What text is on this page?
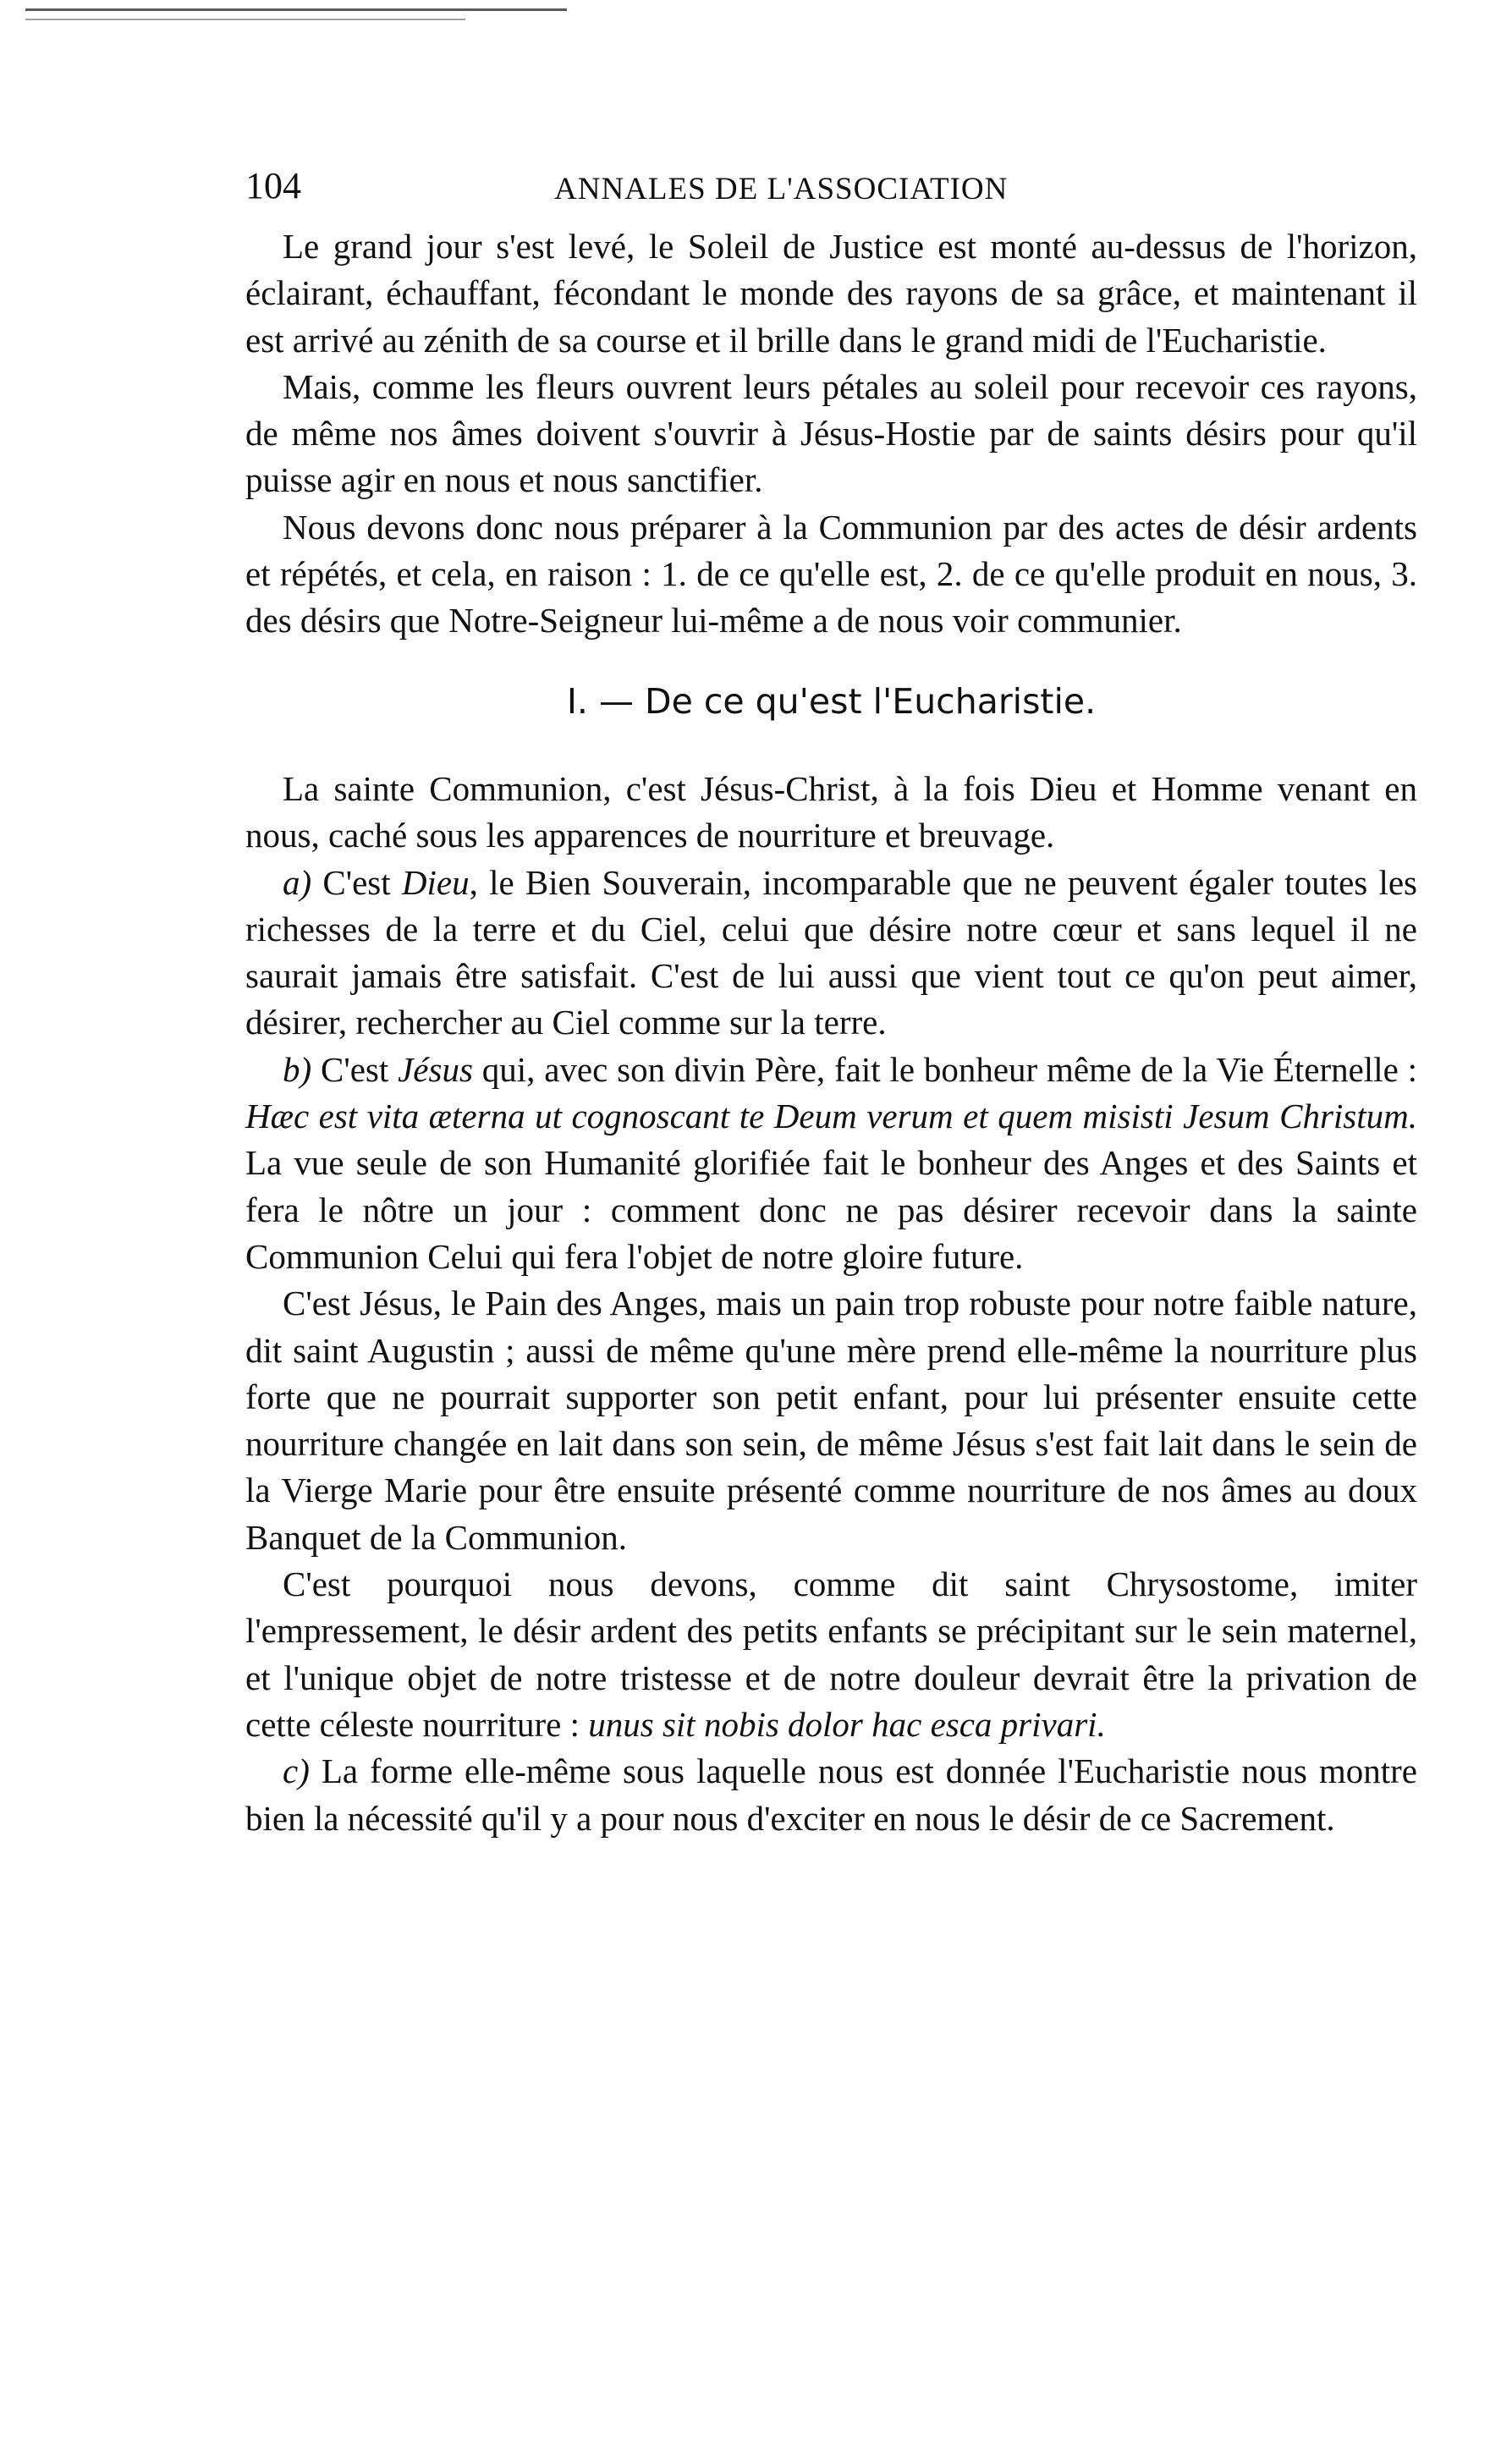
104	ANNALES DE L'ASSOCIATION

Le grand jour s'est levé, le Soleil de Justice est monté au-dessus de l'horizon, éclairant, échauffant, fécondant le monde des rayons de sa grâce, et maintenant il est arrivé au zénith de sa course et il brille dans le grand midi de l'Eucharistie.

Mais, comme les fleurs ouvrent leurs pétales au soleil pour recevoir ces rayons, de même nos âmes doivent s'ouvrir à Jésus-Hostie par de saints désirs pour qu'il puisse agir en nous et nous sanctifier.

Nous devons donc nous préparer à la Communion par des actes de désir ardents et répétés, et cela, en raison : 1. de ce qu'elle est, 2. de ce qu'elle produit en nous, 3. des désirs que Notre-Seigneur lui-même a de nous voir communier.

I. — De ce qu'est l'Eucharistie.

La sainte Communion, c'est Jésus-Christ, à la fois Dieu et Homme venant en nous, caché sous les apparences de nourriture et breuvage.

a) C'est Dieu, le Bien Souverain, incomparable que ne peuvent égaler toutes les richesses de la terre et du Ciel, celui que désire notre cœur et sans lequel il ne saurait jamais être satisfait. C'est de lui aussi que vient tout ce qu'on peut aimer, désirer, rechercher au Ciel comme sur la terre.

b) C'est Jésus qui, avec son divin Père, fait le bonheur même de la Vie Éternelle : Hæc est vita æterna ut cognoscant te Deum verum et quem misisti Jesum Christum. La vue seule de son Humanité glorifiée fait le bonheur des Anges et des Saints et fera le nôtre un jour : comment donc ne pas désirer recevoir dans la sainte Communion Celui qui fera l'objet de notre gloire future.

C'est Jésus, le Pain des Anges, mais un pain trop robuste pour notre faible nature, dit saint Augustin ; aussi de même qu'une mère prend elle-même la nourriture plus forte que ne pourrait supporter son petit enfant, pour lui présenter ensuite cette nourriture changée en lait dans son sein, de même Jésus s'est fait lait dans le sein de la Vierge Marie pour être ensuite présenté comme nourriture de nos âmes au doux Banquet de la Communion.

C'est pourquoi nous devons, comme dit saint Chrysostome, imiter l'empressement, le désir ardent des petits enfants se précipitant sur le sein maternel, et l'unique objet de notre tristesse et de notre douleur devrait être la privation de cette céleste nourriture : unus sit nobis dolor hac esca privari.

c) La forme elle-même sous laquelle nous est donnée l'Eucharistie nous montre bien la nécessité qu'il y a pour nous d'exciter en nous le désir de ce Sacrement.
